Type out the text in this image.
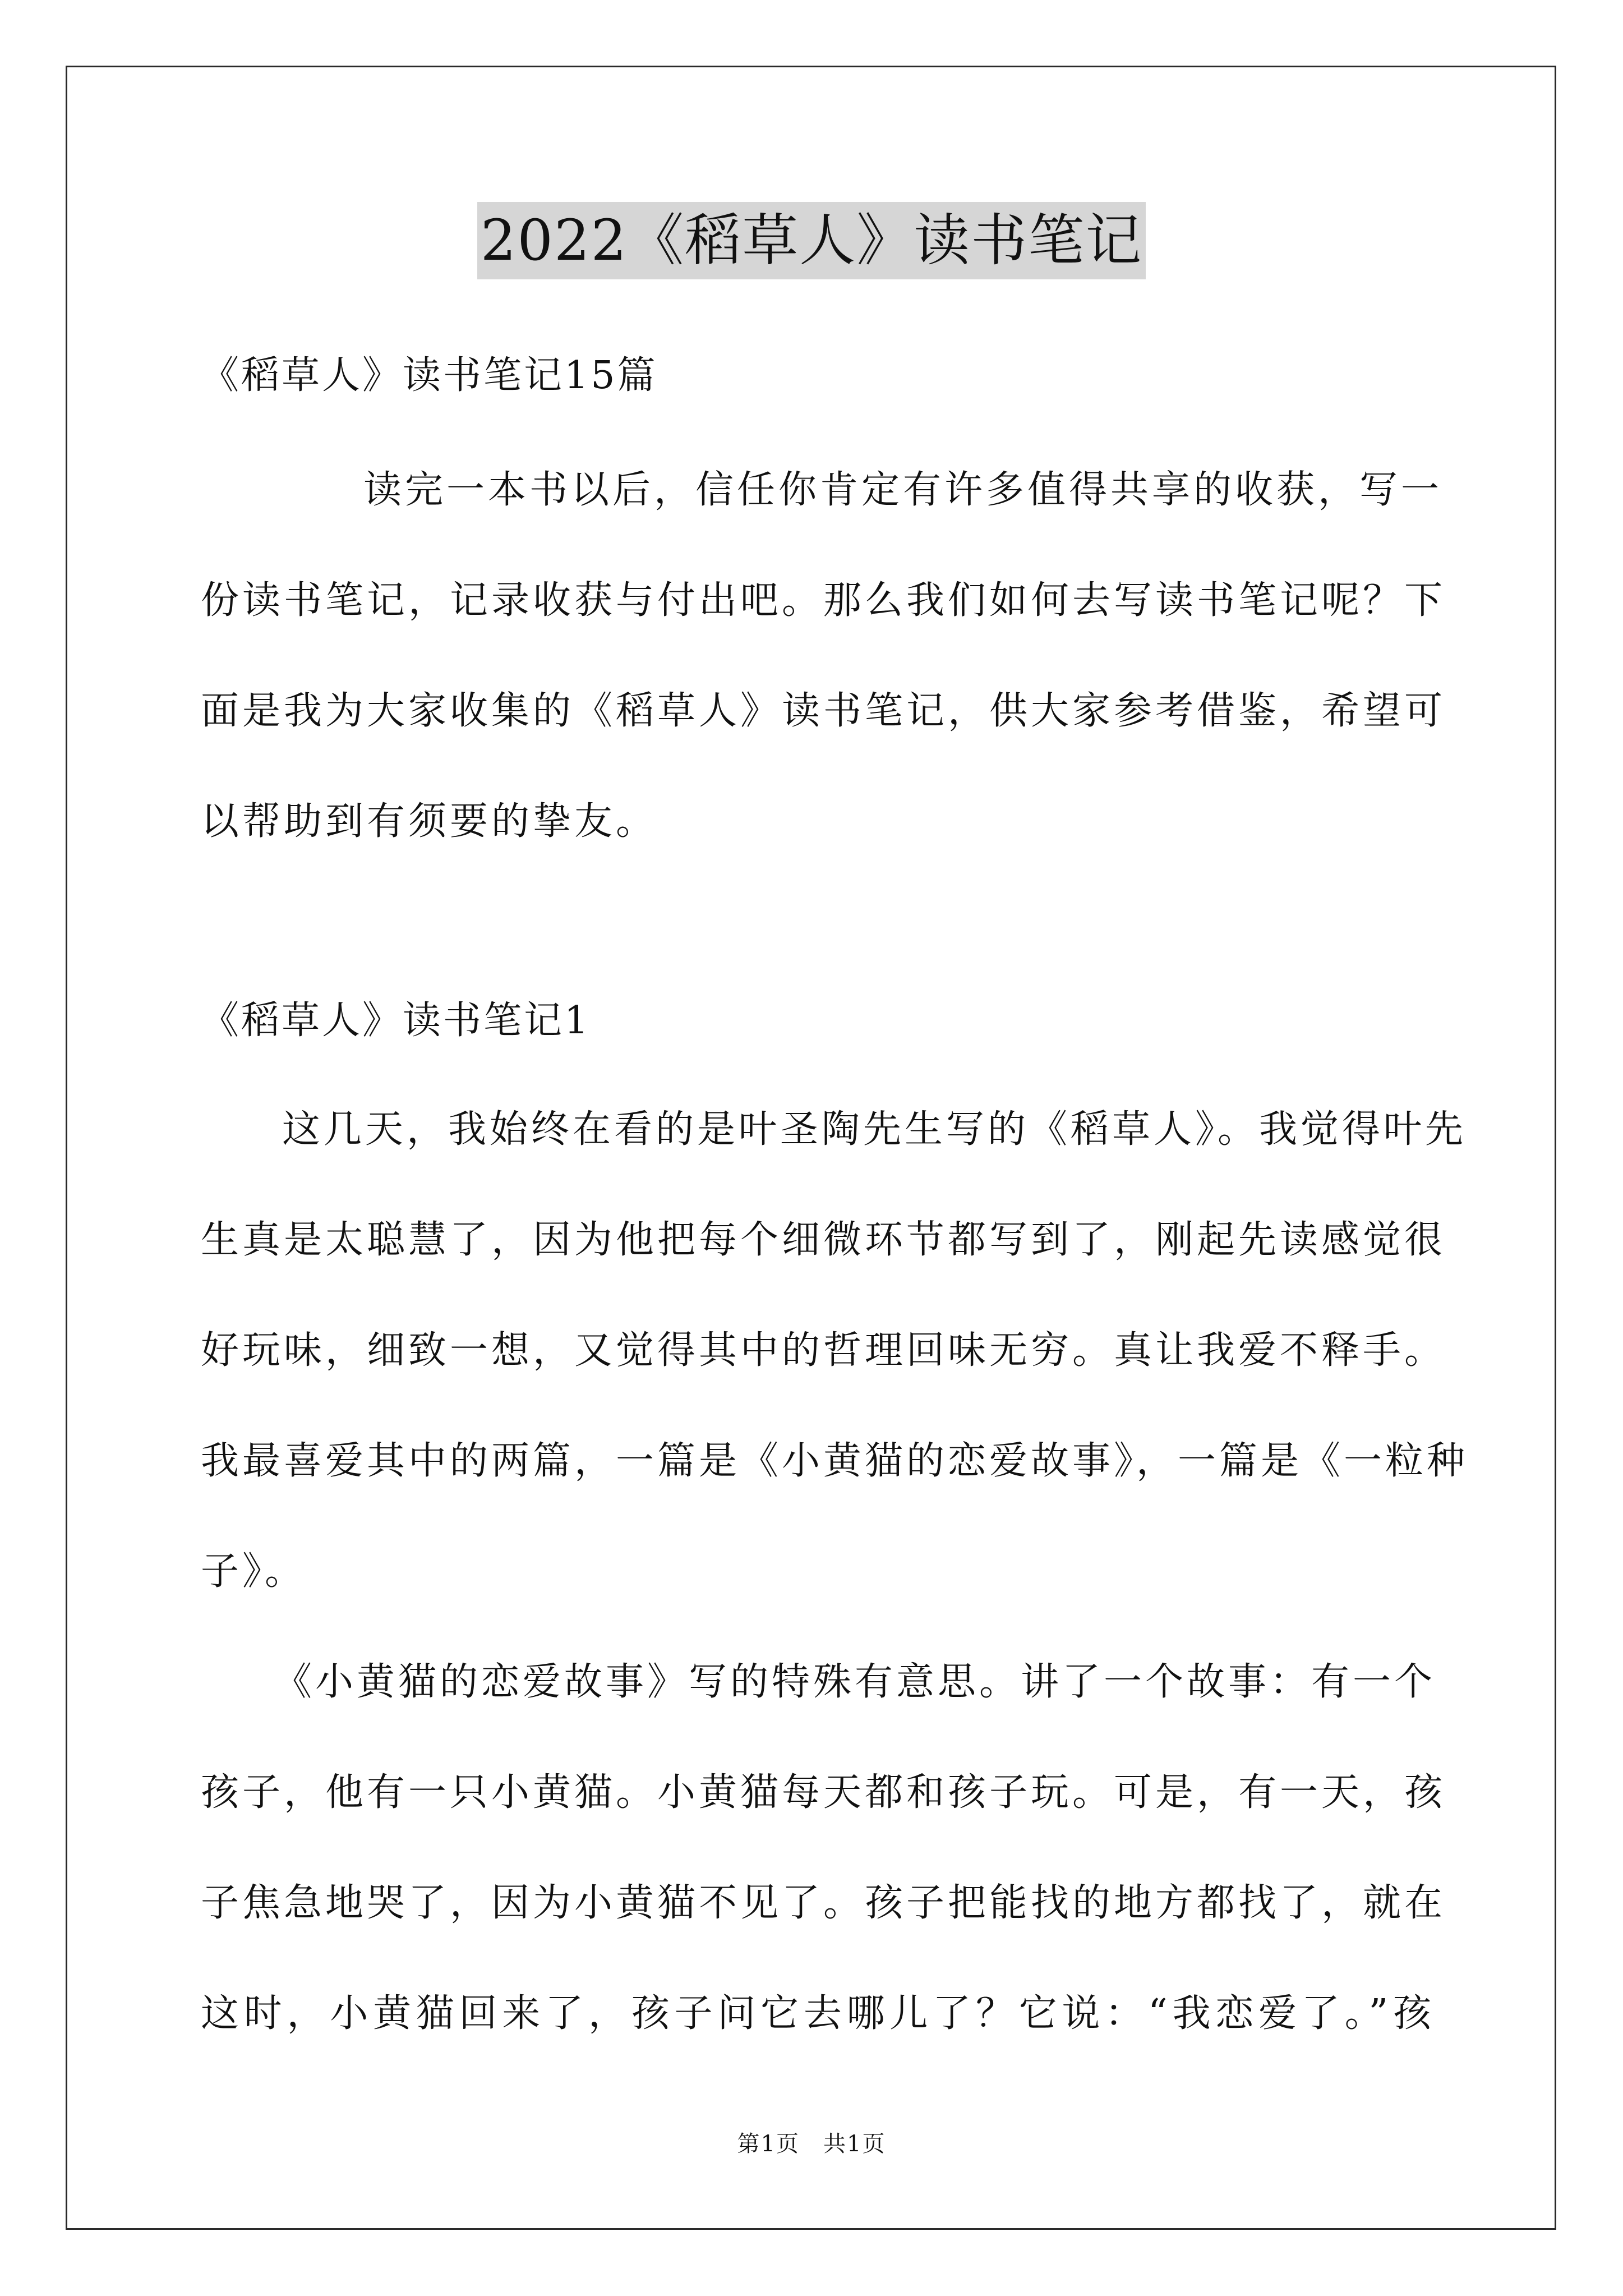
2022《稻草人》读书笔记
《稻草人》读书笔记15篇
读完一本书以后，信任你肯定有许多值得共享的收获，写一
份读书笔记，记录收获与付出吧。那么我们如何去写读书笔记呢？下
面是我为大家收集的《稻草人》读书笔记，供大家参考借鉴，希望可
以帮助到有须要的挚友。
《稻草人》读书笔记1
这几天，我始终在看的是叶圣陶先生写的《稻草人》。我觉得叶先
生真是太聪慧了，因为他把每个细微环节都写到了，刚起先读感觉很
好玩味，细致一想，又觉得其中的哲理回味无穷。真让我爱不释手。
我最喜爱其中的两篇，一篇是《小黄猫的恋爱故事》，一篇是《一粒种
子》。
《小黄猫的恋爱故事》写的特殊有意思。讲了一个故事：有一个
孩子，他有一只小黄猫。小黄猫每天都和孩子玩。可是，有一天，孩
子焦急地哭了，因为小黄猫不见了。孩子把能找的地方都找了，就在
这时，小黄猫回来了，孩子问它去哪儿了？它说：“我恋爱了。”孩
第1页　共1页
